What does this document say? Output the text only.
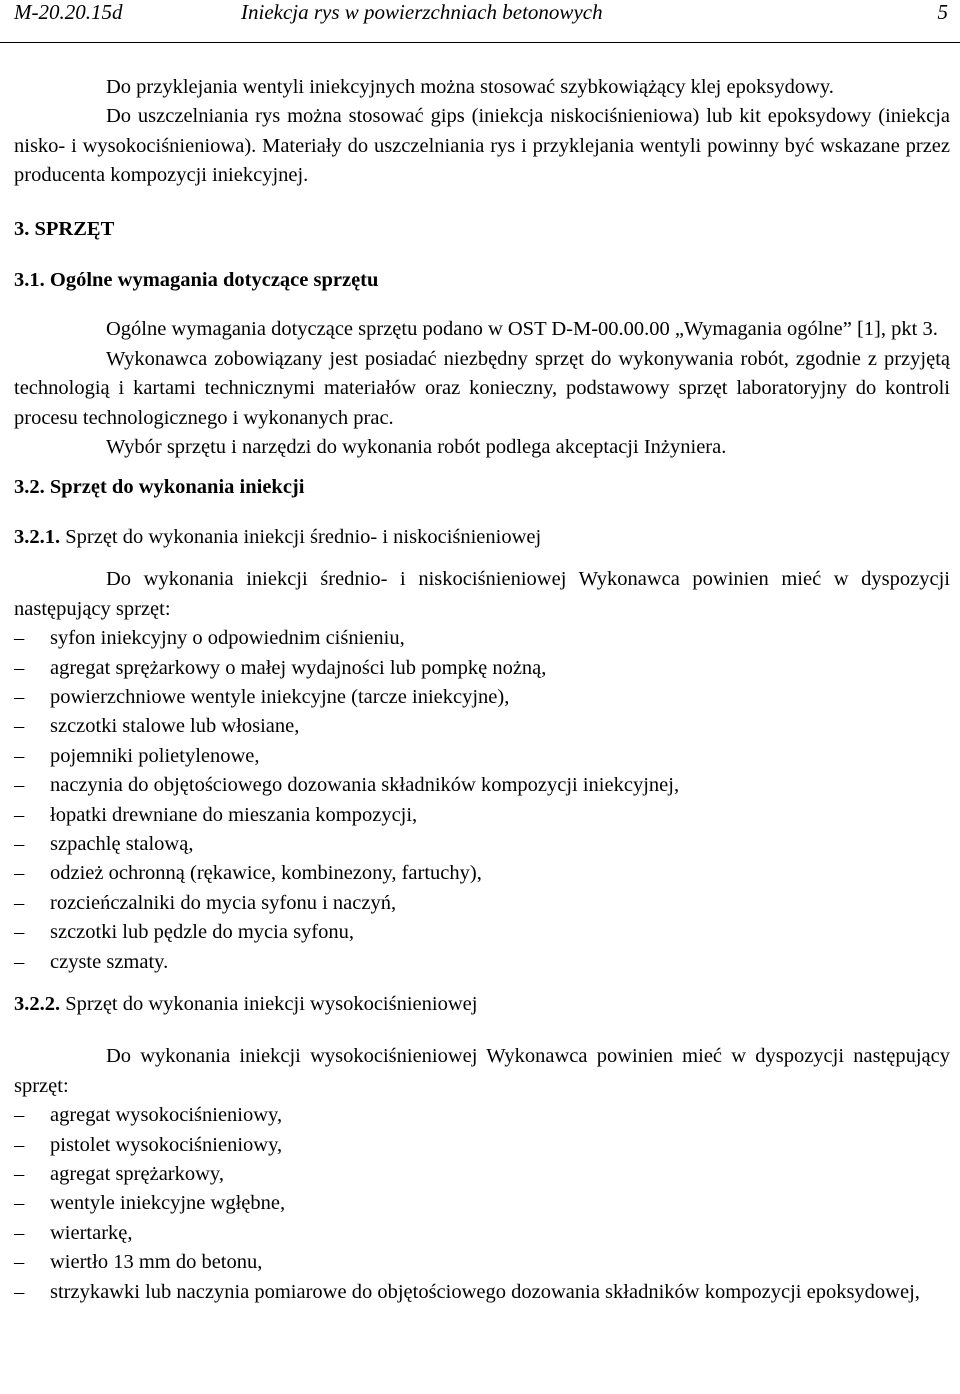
M-20.20.15d	Iniekcja rys w powierzchniach betonowych	5

Do przyklejania wentyli iniekcyjnych można stosować szybkowiążący klej epoksydowy.

Do uszczelniania rys można stosować gips (iniekcja niskociśnieniowa) lub kit epoksydowy (iniekcja nisko- i wysokociśnieniowa). Materiały do uszczelniania rys i przyklejania wentyli powinny być wskazane przez producenta kompozycji iniekcyjnej.

3. SPRZĘT

3.1. Ogólne wymagania dotyczące sprzętu

Ogólne wymagania dotyczące sprzętu podano w OST D-M-00.00.00 „Wymagania ogólne” [1], pkt 3.

Wykonawca zobowiązany jest posiadać niezbędny sprzęt do wykonywania robót, zgodnie z przyjętą technologią i kartami technicznymi materiałów oraz konieczny, podstawowy sprzęt laboratoryjny do kontroli procesu technologicznego i wykonanych prac.

Wybór sprzętu i narzędzi do wykonania robót podlega akceptacji Inżyniera.

3.2. Sprzęt do wykonania iniekcji

3.2.1. Sprzęt do wykonania iniekcji średnio- i niskociśnieniowej

Do wykonania iniekcji średnio- i niskociśnieniowej Wykonawca powinien mieć w dyspozycji następujący sprzęt:

– syfon iniekcyjny o odpowiednim ciśnieniu,
– agregat sprężarkowy o małej wydajności lub pompkę nożną,
– powierzchniowe wentyle iniekcyjne (tarcze iniekcyjne),
– szczotki stalowe lub włosiane,
– pojemniki polietylenowe,
– naczynia do objętościowego dozowania składników kompozycji iniekcyjnej,
– łopatki drewniane do mieszania kompozycji,
– szpachlę stalową,
– odzież ochronną (rękawice, kombinezony, fartuchy),
– rozcieńczalniki do mycia syfonu i naczyń,
– szczotki lub pędzle do mycia syfonu,
– czyste szmaty.

3.2.2. Sprzęt do wykonania iniekcji wysokociśnieniowej

Do wykonania iniekcji wysokociśnieniowej Wykonawca powinien mieć w dyspozycji następujący sprzęt:

– agregat wysokociśnieniowy,
– pistolet wysokociśnieniowy,
– agregat sprężarkowy,
– wentyle iniekcyjne wgłębne,
– wiertarkę,
– wiertło 13 mm do betonu,
– strzykawki lub naczynia pomiarowe do objętościowego dozowania składników kompozycji epoksydowej,
